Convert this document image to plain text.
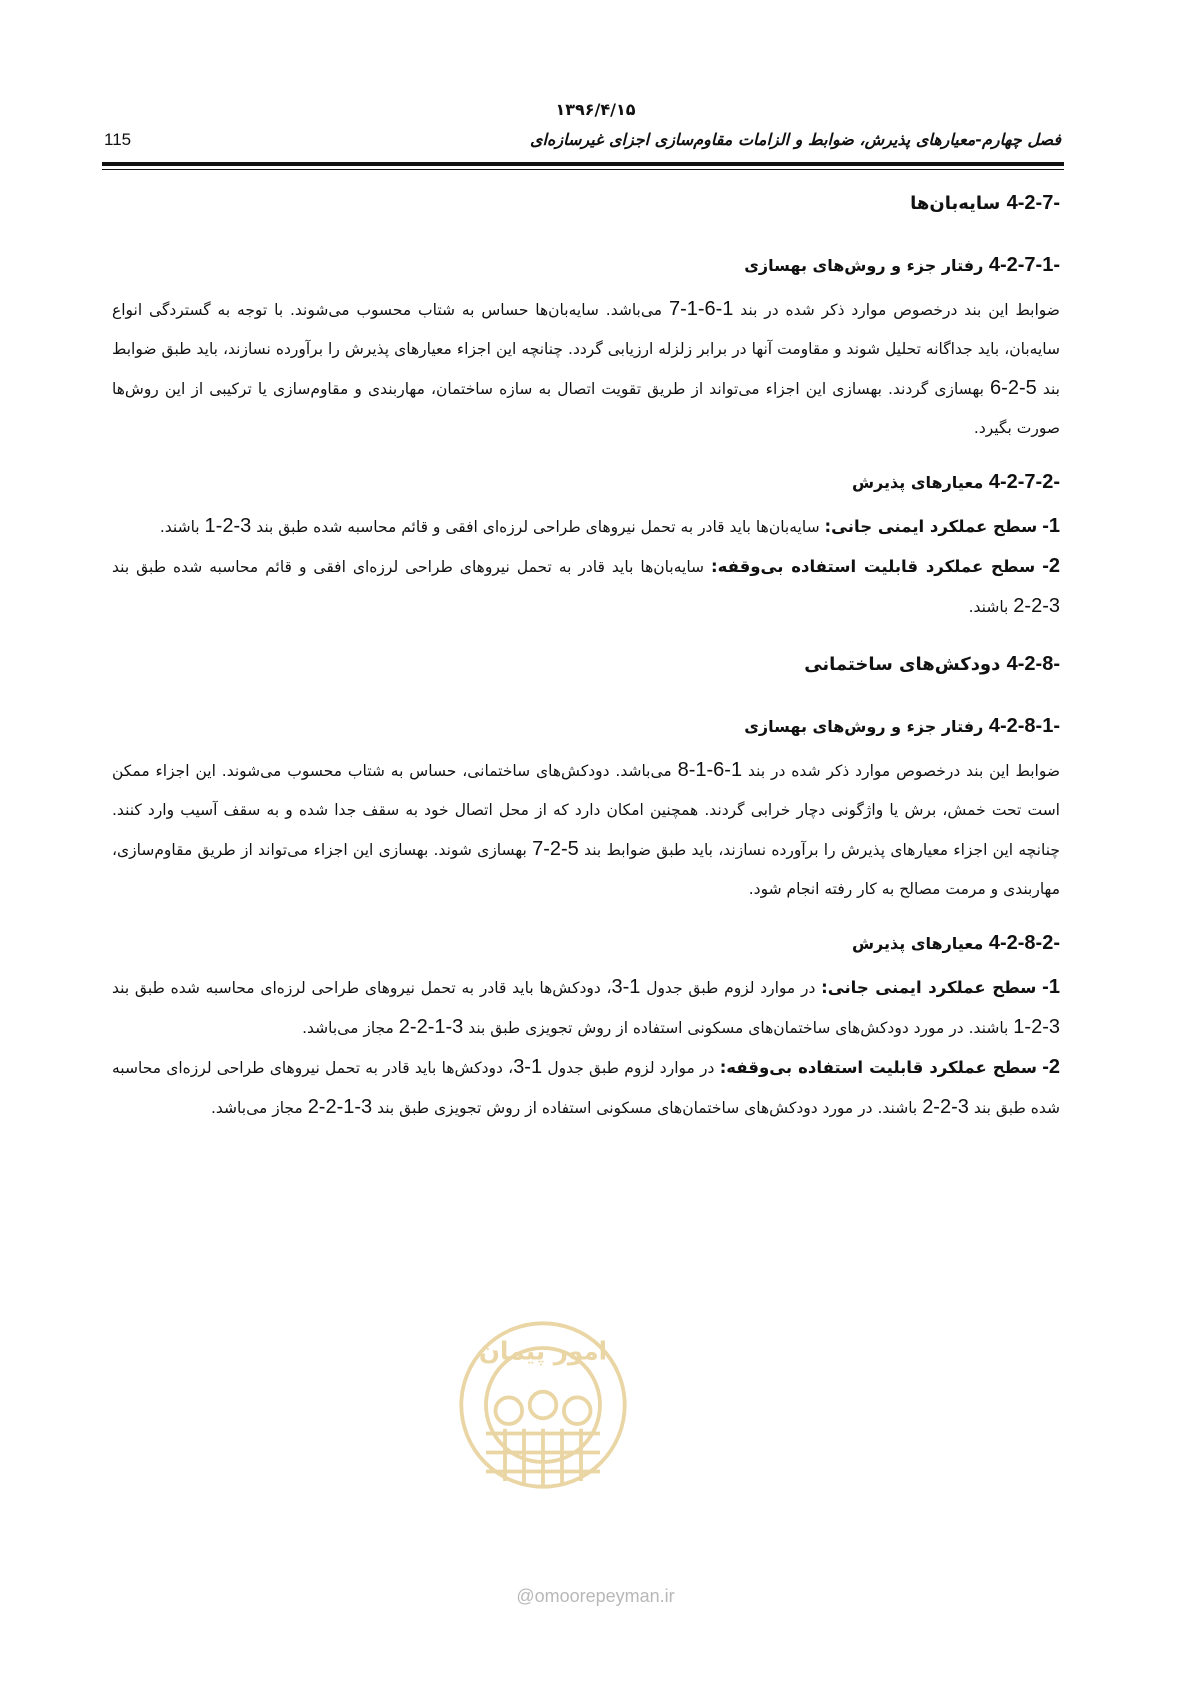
۱۳۹۶/۴/۱۵
115	فصل چهارم-معیارهای پذیرش، ضوابط و الزامات مقاوم‌سازی اجزای غیرسازه‌ای
امور پیمان
@omoorepeyman.ir
4-2-7- سایه‌بان‌ها
4-2-7-1- رفتار جزء و روش‌های بهسازی

ضوابط این بند درخصوص موارد ذکر شده در بند 7-1-6-1 می‌باشد. سایه‌بان‌ها حساس به شتاب محسوب می‌شوند. با توجه به گستردگی انواع سایه‌بان، باید جداگانه تحلیل شوند و مقاومت آنها در برابر زلزله ارزیابی گردد. چنانچه این اجزاء معیارهای پذیرش را برآورده نسازند، باید طبق ضوابط بند 6-2-5 بهسازی گردند. بهسازی این اجزاء می‌تواند از طریق تقویت اتصال به سازه ساختمان، مهاربندی و مقاوم‌سازی یا ترکیبی از این روش‌ها صورت بگیرد.

4-2-7-2- معیارهای پذیرش

1- سطح عملکرد ایمنی جانی: سایه‌بان‌ها باید قادر به تحمل نیروهای طراحی لرزه‌ای افقی و قائم محاسبه شده طبق بند 1-2-3 باشند.

2- سطح عملکرد قابلیت استفاده بی‌وقفه: سایه‌بان‌ها باید قادر به تحمل نیروهای طراحی لرزه‌ای افقی و قائم محاسبه شده طبق بند 2-2-3 باشند.

4-2-8- دودکش‌های ساختمانی
4-2-8-1- رفتار جزء و روش‌های بهسازی

ضوابط این بند درخصوص موارد ذکر شده در بند 8-1-6-1 می‌باشد. دودکش‌های ساختمانی، حساس به شتاب محسوب می‌شوند. این اجزاء ممکن است تحت خمش، برش یا واژگونی دچار خرابی گردند. همچنین امکان دارد که از محل اتصال خود به سقف جدا شده و به سقف آسیب وارد کنند. چنانچه این اجزاء معیارهای پذیرش را برآورده نسازند، باید طبق ضوابط بند 7-2-5 بهسازی شوند. بهسازی این اجزاء می‌تواند از طریق مقاوم‌سازی، مهاربندی و مرمت مصالح به کار رفته انجام شود.

4-2-8-2- معیارهای پذیرش

1- سطح عملکرد ایمنی جانی: در موارد لزوم طبق جدول 3-1، دودکش‌ها باید قادر به تحمل نیروهای طراحی لرزه‌ای محاسبه شده طبق بند 1-2-3 باشند. در مورد دودکش‌های ساختمان‌های مسکونی استفاده از روش تجویزی طبق بند 2-2-1-3 مجاز می‌باشد.

2- سطح عملکرد قابلیت استفاده بی‌وقفه: در موارد لزوم طبق جدول 3-1، دودکش‌ها باید قادر به تحمل نیروهای طراحی لرزه‌ای محاسبه شده طبق بند 2-2-3 باشند. در مورد دودکش‌های ساختمان‌های مسکونی استفاده از روش تجویزی طبق بند 2-2-1-3 مجاز می‌باشد.
